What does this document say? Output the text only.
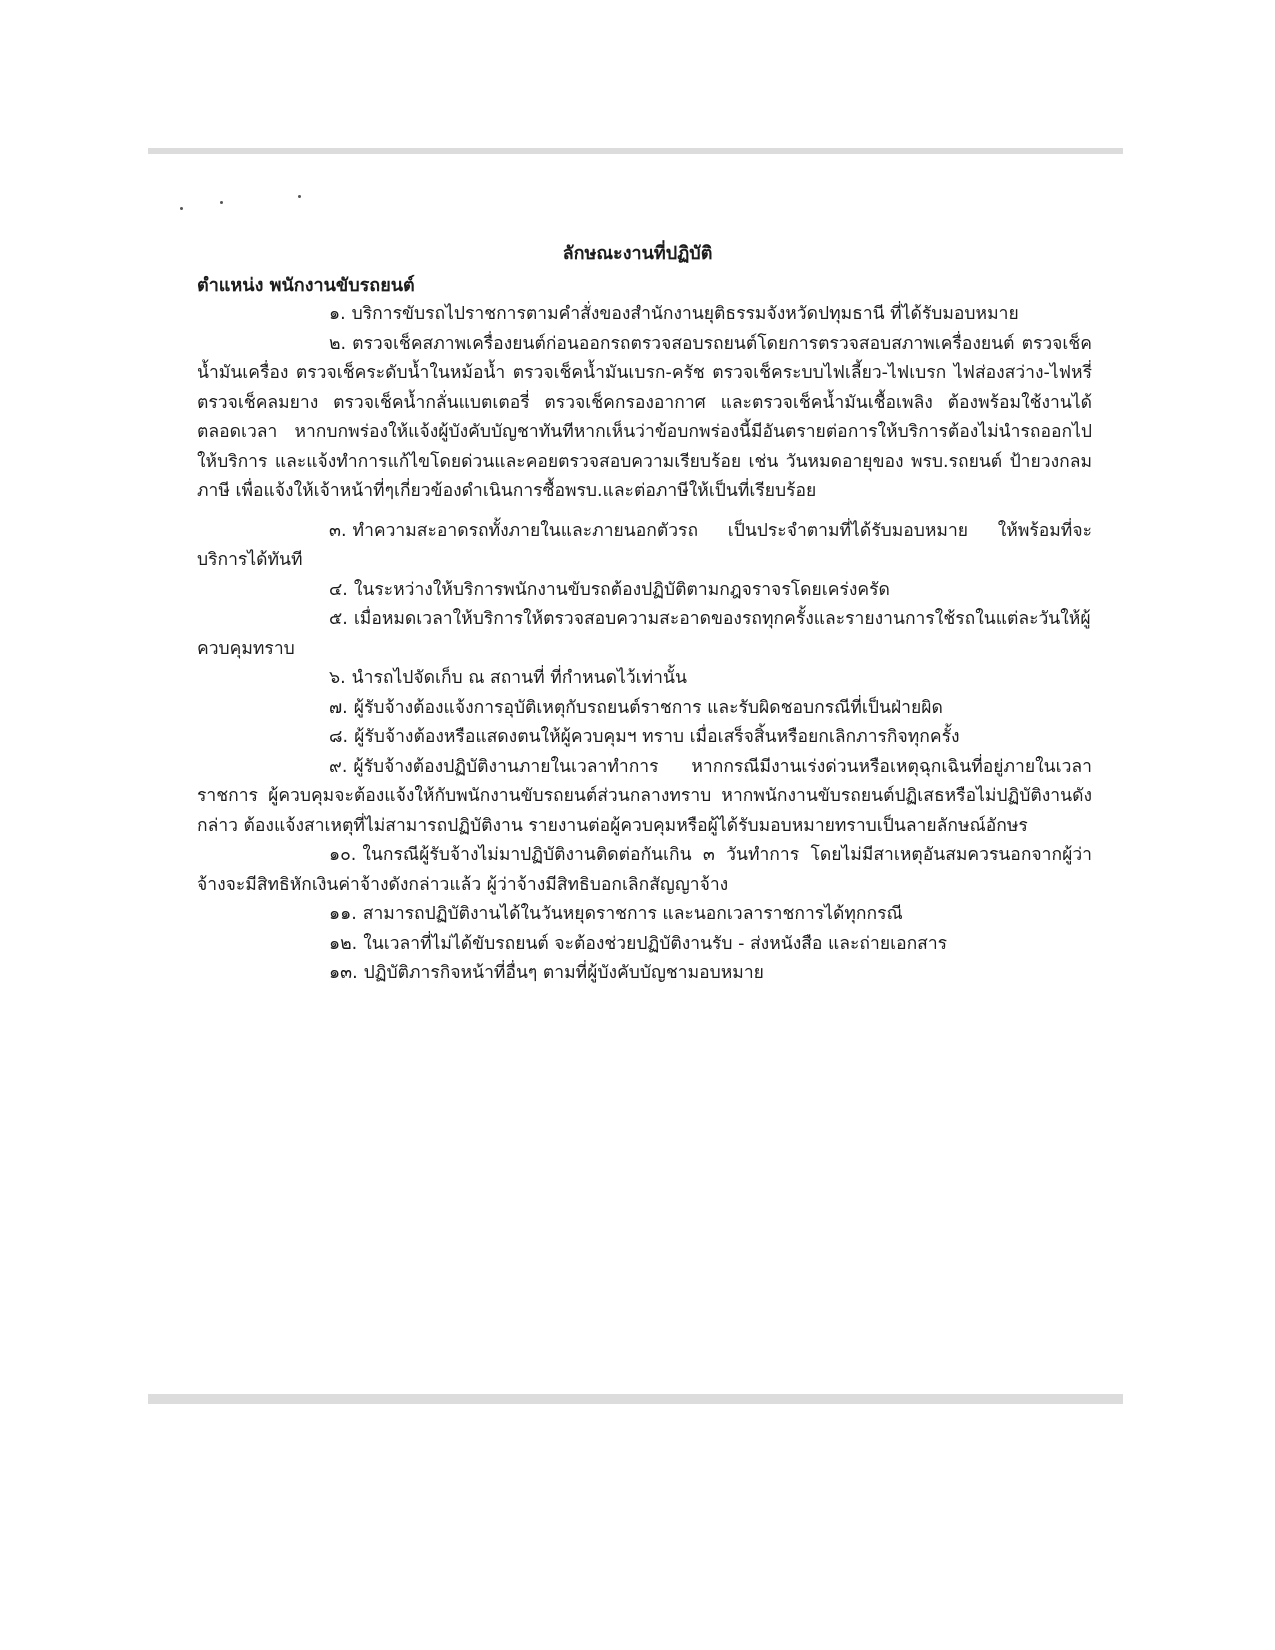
ลักษณะงานที่ปฏิบัติ
ตำแหน่ง พนักงานขับรถยนต์

๑. บริการขับรถไปราชการตามคำสั่งของสำนักงานยุติธรรมจังหวัดปทุมธานี ที่ได้รับมอบหมาย

๒. ตรวจเช็คสภาพเครื่องยนต์ก่อนออกรถตรวจสอบรถยนต์โดยการตรวจสอบสภาพเครื่องยนต์ ตรวจเช็คน้ำมันเครื่อง ตรวจเช็คระดับน้ำในหม้อน้ำ ตรวจเช็คน้ำมันเบรก-ครัช ตรวจเช็คระบบไฟเลี้ยว-ไฟเบรก ไฟส่องสว่าง-ไฟหรี่ ตรวจเช็คลมยาง ตรวจเช็คน้ำกลั่นแบตเตอรี่ ตรวจเช็คกรองอากาศ และตรวจเช็คน้ำมันเชื้อเพลิง ต้องพร้อมใช้งานได้ตลอดเวลา หากบกพร่องให้แจ้งผู้บังคับบัญชาทันทีหากเห็นว่าข้อบกพร่องนี้มีอันตรายต่อการให้บริการต้องไม่นำรถออกไปให้บริการ และแจ้งทำการแก้ไขโดยด่วนและคอยตรวจสอบความเรียบร้อย เช่น วันหมดอายุของ พรบ.รถยนต์ ป้ายวงกลมภาษี เพื่อแจ้งให้เจ้าหน้าที่ๆเกี่ยวข้องดำเนินการซื้อพรบ.และต่อภาษีให้เป็นที่เรียบร้อย

๓. ทำความสะอาดรถทั้งภายในและภายนอกตัวรถ เป็นประจำตามที่ได้รับมอบหมาย ให้พร้อมที่จะบริการได้ทันที

๔. ในระหว่างให้บริการพนักงานขับรถต้องปฏิบัติตามกฎจราจรโดยเคร่งครัด

๕. เมื่อหมดเวลาให้บริการให้ตรวจสอบความสะอาดของรถทุกครั้งและรายงานการใช้รถในแต่ละวันให้ผู้ควบคุมทราบ

๖. นำรถไปจัดเก็บ ณ สถานที่ ที่กำหนดไว้เท่านั้น

๗. ผู้รับจ้างต้องแจ้งการอุบัติเหตุกับรถยนต์ราชการ และรับผิดชอบกรณีที่เป็นฝ่ายผิด

๘. ผู้รับจ้างต้องหรือแสดงตนให้ผู้ควบคุมฯ ทราบ เมื่อเสร็จสิ้นหรือยกเลิกภารกิจทุกครั้ง

๙. ผู้รับจ้างต้องปฏิบัติงานภายในเวลาทำการ หากกรณีมีงานเร่งด่วนหรือเหตุฉุกเฉินที่อยู่ภายในเวลาราชการ ผู้ควบคุมจะต้องแจ้งให้กับพนักงานขับรถยนต์ส่วนกลางทราบ หากพนักงานขับรถยนต์ปฏิเสธหรือไม่ปฏิบัติงานดังกล่าว ต้องแจ้งสาเหตุที่ไม่สามารถปฏิบัติงาน รายงานต่อผู้ควบคุมหรือผู้ได้รับมอบหมายทราบเป็นลายลักษณ์อักษร

๑๐. ในกรณีผู้รับจ้างไม่มาปฏิบัติงานติดต่อกันเกิน ๓ วันทำการ โดยไม่มีสาเหตุอันสมควรนอกจากผู้ว่าจ้างจะมีสิทธิหักเงินค่าจ้างดังกล่าวแล้ว ผู้ว่าจ้างมีสิทธิบอกเลิกสัญญาจ้าง

๑๑. สามารถปฏิบัติงานได้ในวันหยุดราชการ และนอกเวลาราชการได้ทุกกรณี

๑๒. ในเวลาที่ไม่ได้ขับรถยนต์ จะต้องช่วยปฏิบัติงานรับ - ส่งหนังสือ และถ่ายเอกสาร

๑๓. ปฏิบัติภารกิจหน้าที่อื่นๆ ตามที่ผู้บังคับบัญชามอบหมาย
